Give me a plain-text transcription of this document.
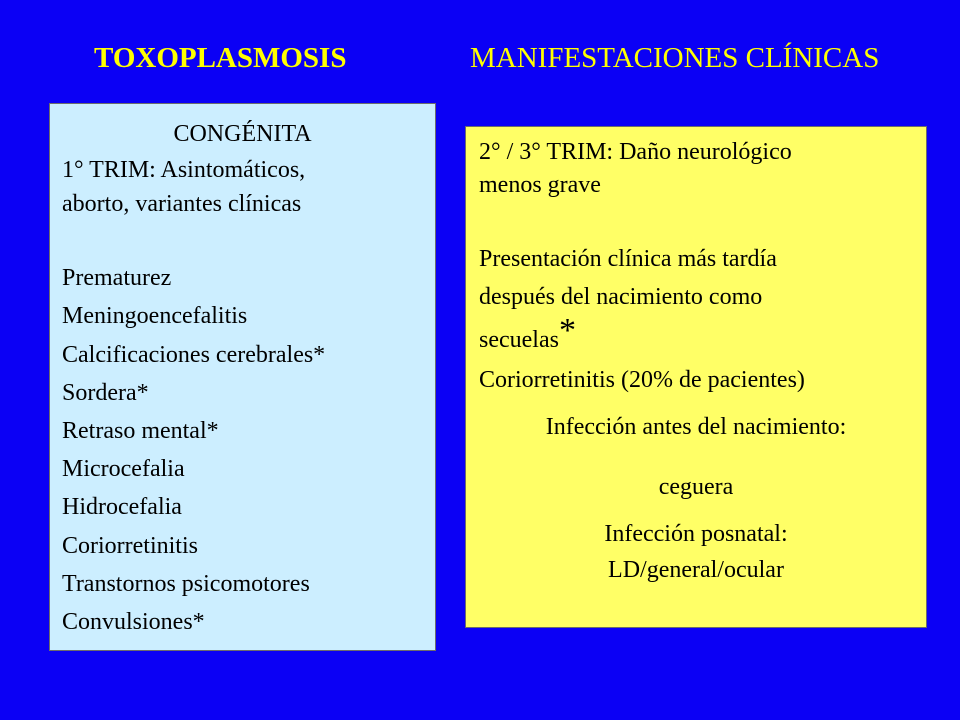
TOXOPLASMOSIS	MANIFESTACIONES CLÍNICAS
CONGÉNITA
1° TRIM: Asintomáticos,
aborto, variantes clínicas
Prematurez
Meningoencefalitis
Calcificaciones cerebrales*
Sordera*
Retraso mental*
Microcefalia
Hidrocefalia
Coriorretinitis
Transtornos psicomotores
Convulsiones*
2° / 3° TRIM: Daño neurológico
menos grave
Presentación clínica más tardía
después del nacimiento como
secuelas*
Coriorretinitis (20% de pacientes)
Infección antes del nacimiento:
ceguera
Infección posnatal:
LD/general/ocular
